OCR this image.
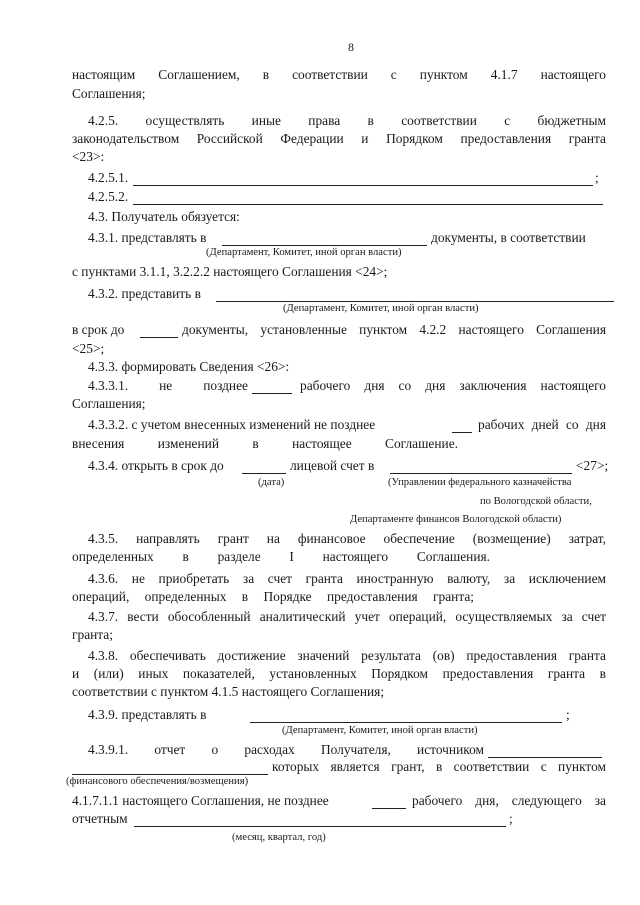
8
настоящим Соглашением, в соответствии с пунктом 4.1.7 настоящего
Соглашения;
4.2.5. осуществлять иные права в соответствии с бюджетным
законодательством Российской Федерации и Порядком предоставления гранта
<23>:
4.2.5.1.	;
4.2.5.2.
4.3. Получатель обязуется:
4.3.1. представлять в	документы, в соответствии
(Департамент, Комитет, иной орган власти)
с пунктами 3.1.1, 3.2.2.2 настоящего Соглашения <24>;
4.3.2. представить в
(Департамент, Комитет, иной орган власти)
в срок до	документы, установленные пунктом 4.2.2 настоящего Соглашения
<25>;
4.3.3. формировать Сведения <26>:
4.3.3.1. не позднее	рабочего дня со дня заключения настоящего
Соглашения;
4.3.3.2. с учетом внесенных изменений не позднее	рабочих дней со дня
внесения изменений в настоящее Соглашение.
4.3.4. открыть в срок до	лицевой счет в	<27>;
(дата)	(Управлении федерального казначейства
по Вологодской области,
Департаменте финансов Вологодской области)
4.3.5. направлять грант на финансовое обеспечение (возмещение) затрат,
определенных в разделе I настоящего Соглашения.
4.3.6. не приобретать за счет гранта иностранную валюту, за исключением
операций, определенных в Порядке предоставления гранта;
4.3.7. вести обособленный аналитический учет операций, осуществляемых за счет
гранта;
4.3.8. обеспечивать достижение значений результата (ов) предоставления гранта
и (или) иных показателей, установленных Порядком предоставления гранта в
соответствии с пунктом 4.1.5 настоящего Соглашения;
4.3.9. представлять в	;
(Департамент, Комитет, иной орган власти)
4.3.9.1. отчет о расходах Получателя, источником
которых является грант, в соответствии с пунктом
(финансового обеспечения/возмещения)
4.1.7.1.1 настоящего Соглашения, не позднее	рабочего дня, следующего за
отчетным	;
(месяц, квартал, год)
